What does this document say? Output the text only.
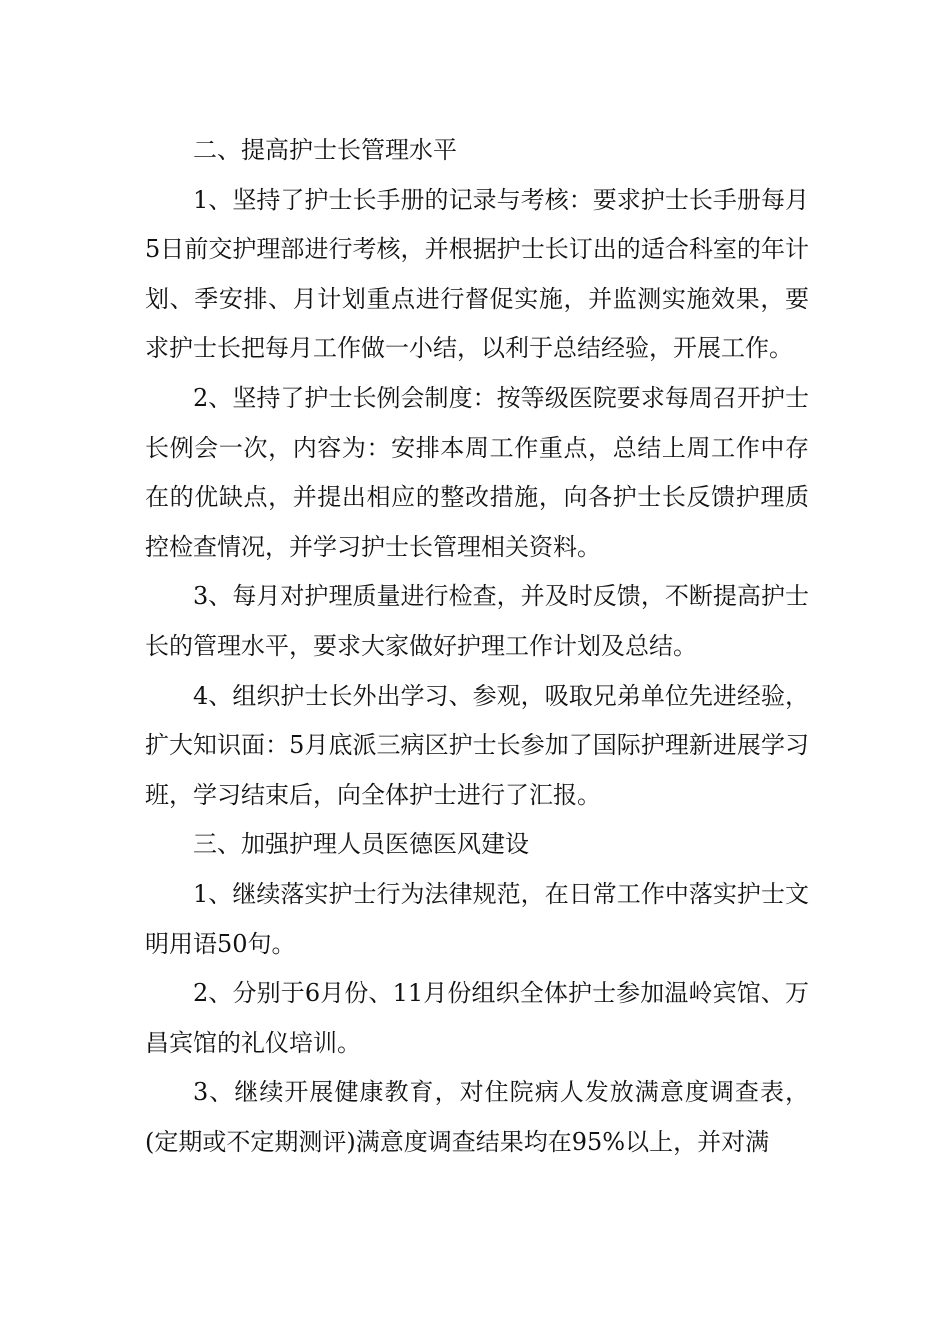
二、提高护士长管理水平

1、坚持了护士长手册的记录与考核：要求护士长手册每月5日前交护理部进行考核，并根据护士长订出的适合科室的年计划、季安排、月计划重点进行督促实施，并监测实施效果，要求护士长把每月工作做一小结，以利于总结经验，开展工作。

2、坚持了护士长例会制度：按等级医院要求每周召开护士长例会一次，内容为：安排本周工作重点，总结上周工作中存在的优缺点，并提出相应的整改措施，向各护士长反馈护理质控检查情况，并学习护士长管理相关资料。

3、每月对护理质量进行检查，并及时反馈，不断提高护士长的管理水平，要求大家做好护理工作计划及总结。

4、组织护士长外出学习、参观，吸取兄弟单位先进经验，扩大知识面：5月底派三病区护士长参加了国际护理新进展学习班，学习结束后，向全体护士进行了汇报。

三、加强护理人员医德医风建设

1、继续落实护士行为法律规范，在日常工作中落实护士文明用语50句。

2、分别于6月份、11月份组织全体护士参加温岭宾馆、万昌宾馆的礼仪培训。

3、继续开展健康教育，对住院病人发放满意度调查表，(定期或不定期测评)满意度调查结果均在95%以上，并对满
